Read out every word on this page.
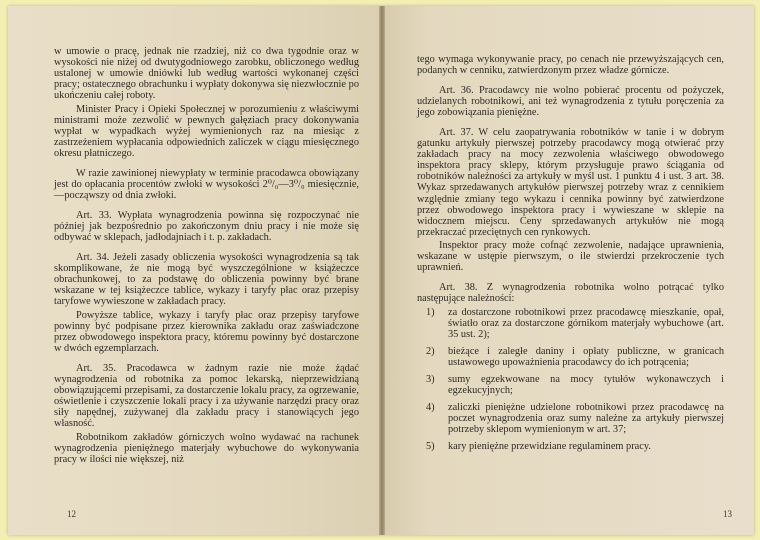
w umowie o pracę, jednak nie rzadziej, niż co dwa tygodnie oraz w wysokości nie niżej od dwutygodniowego zarobku, obliczonego według ustalonej w umowie dniówki lub według wartości wykonanej części pracy; ostatecznego obrachunku i wypłaty dokonywa się niezwłocznie po ukończeniu całej roboty.

Minister Pracy i Opieki Społecznej w porozumieniu z właściwymi ministrami może zezwolić w pewnych gałęziach pracy dokonywania wypłat w wypadkach wyżej wymienionych raz na miesiąc z zastrzeżeniem wypłacania odpowiednich zaliczek w ciągu miesięcznego okresu płatniczego.

W razie zawinionej niewypłaty w terminie pracodawca obowiązany jest do opłacania procentów zwłoki w wysokości 2⁰/₀—3⁰/₀ miesięcznie,—począwszy od dnia zwłoki.

Art. 33. Wypłata wynagrodzenia powinna się rozpoczynać nie później jak bezpośrednio po zakończonym dniu pracy i nie może się odbywać w sklepach, jadłodajniach i t. p. zakładach.

Art. 34. Jeżeli zasady obliczenia wysokości wynagrodzenia są tak skomplikowane, że nie mogą być wyszczególnione w książeczce obrachunkowej, to za podstawę do obliczenia powinny być brane wskazane w tej książeczce tablice, wykazy i taryfy płac oraz przepisy taryfowe wywieszone w zakładach pracy.

Powyższe tablice, wykazy i taryfy płac oraz przepisy taryfowe powinny być podpisane przez kierownika zakładu oraz zaświadczone przez obwodowego inspektora pracy, któremu powinny być dostarczone w dwóch egzemplarzach.

Art. 35. Pracodawca w żadnym razie nie może żądać wynagrodzenia od robotnika za pomoc lekarską, nieprzewidzianą obowiązującemi przepisami, za dostarczenie lokalu pracy, za ogrzewanie, oświetlenie i czyszczenie lokali pracy i za używanie narzędzi pracy oraz siły napędnej, zużywanej dla zakładu pracy i stanowiących jego własność.

Robotnikom zakładów górniczych wolno wydawać na rachunek wynagrodzenia pieniężnego materjały wybuchowe do wykonywania pracy w ilości nie większej, niż

12

tego wymaga wykonywanie pracy, po cenach nie przewyższających cen, podanych w cenniku, zatwierdzonym przez władze górnicze.

Art. 36. Pracodawcy nie wolno pobierać procentu od pożyczek, udzielanych robotnikowi, ani też wynagrodzenia z tytułu poręczenia za jego zobowiązania pieniężne.

Art. 37. W celu zaopatrywania robotników w tanie i w dobrym gatunku artykuły pierwszej potrzeby pracodawcy mogą otwierać przy zakładach pracy na mocy zezwolenia właściwego obwodowego inspektora pracy sklepy, którym przysługuje prawo ściągania od robotników należności za artykuły w myśl ust. 1 punktu 4 i ust. 3 art. 38. Wykaz sprzedawanych artykułów pierwszej potrzeby wraz z cennikiem względnie zmiany tego wykazu i cennika powinny być zatwierdzone przez obwodowego inspektora pracy i wywieszane w sklepie na widocznem miejscu. Ceny sprzedawanych artykułów nie mogą przekraczać przeciętnych cen rynkowych.

Inspektor pracy może cofnąć zezwolenie, nadające uprawnienia, wskazane w ustępie pierwszym, o ile stwierdzi przekroczenie tych uprawnień.

Art. 38. Z wynagrodzenia robotnika wolno potrącać tylko następujące należności:

1) za dostarczone robotnikowi przez pracodawcę mieszkanie, opał, światło oraz za dostarczone górnikom materjały wybuchowe (art. 35 ust. 2);
2) bieżące i zaległe daniny i opłaty publiczne, w granicach ustawowego upoważnienia pracodawcy do ich potrącenia;
3) sumy egzekwowane na mocy tytułów wykonawczych i egzekucyjnych;
4) zaliczki pieniężne udzielone robotnikowi przez pracodawcę na poczet wynagrodzenia oraz sumy należne za artykuły pierwszej potrzeby sklepom wymienionym w art. 37;
5) kary pieniężne przewidziane regulaminem pracy.
13
